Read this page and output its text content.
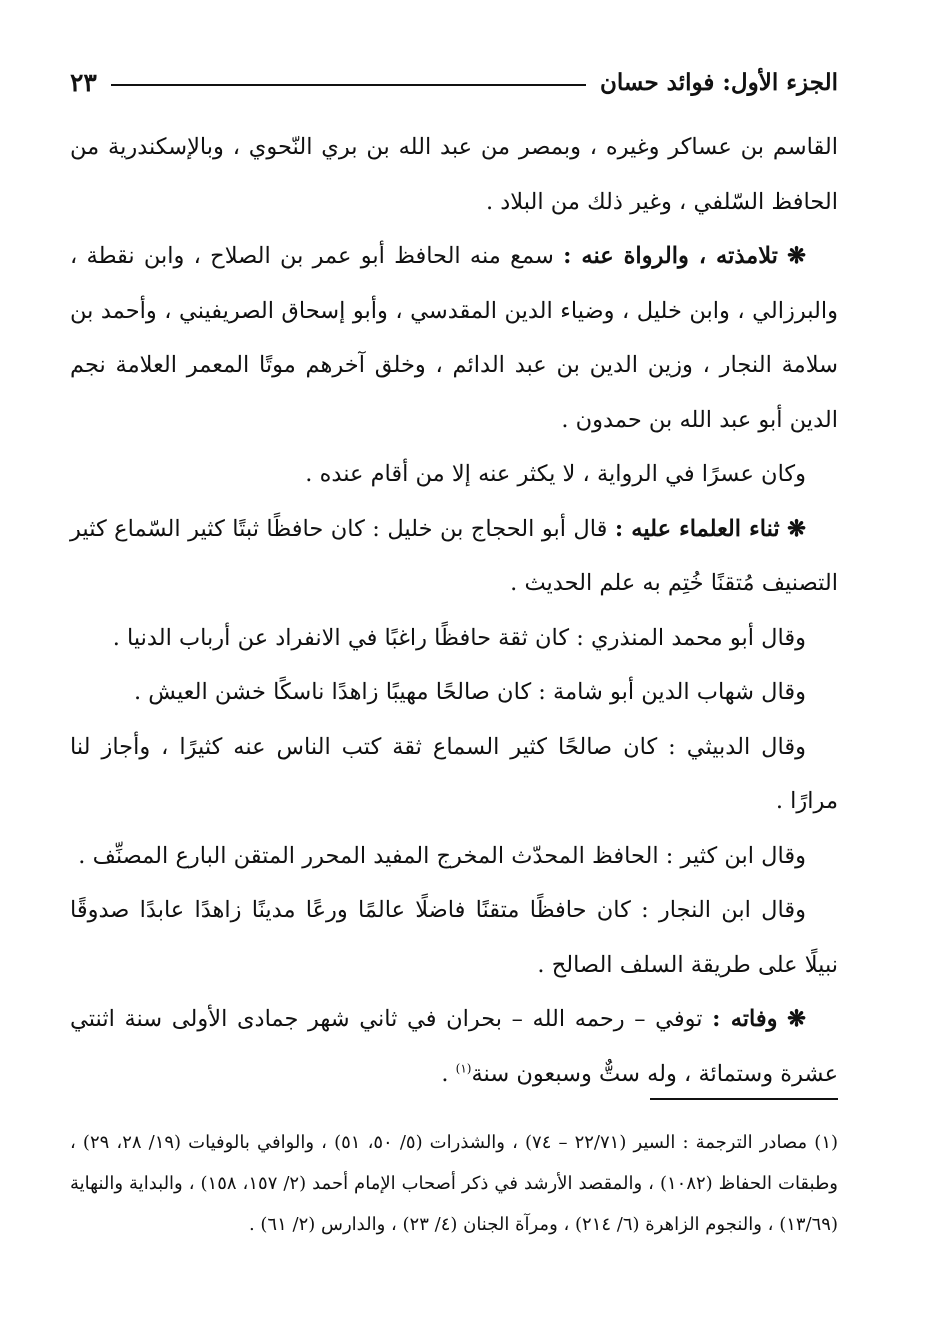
الجزء الأول: فوائد حسان
٢٣

القاسم بن عساكر وغيره ، وبمصر من عبد الله بن بري النّحوي ، وبالإسكندرية من الحافظ السّلفي ، وغير ذلك من البلاد .

❋ تلامذته ، والرواة عنه : سمع منه الحافظ أبو عمر بن الصلاح ، وابن نقطة ، والبرزالي ، وابن خليل ، وضياء الدين المقدسي ، وأبو إسحاق الصريفيني ، وأحمد بن سلامة النجار ، وزين الدين بن عبد الدائم ، وخلق آخرهم موتًا المعمر العلامة نجم الدين أبو عبد الله بن حمدون .

وكان عسرًا في الرواية ، لا يكثر عنه إلا من أقام عنده .

❋ ثناء العلماء عليه : قال أبو الحجاج بن خليل : كان حافظًا ثبتًا كثير السّماع كثير التصنيف مُتقنًا خُتِم به علم الحديث .

وقال أبو محمد المنذري : كان ثقة حافظًا راغبًا في الانفراد عن أرباب الدنيا .

وقال شهاب الدين أبو شامة : كان صالحًا مهيبًا زاهدًا ناسكًا خشن العيش .

وقال الدبيثي : كان صالحًا كثير السماع ثقة كتب الناس عنه كثيرًا ، وأجاز لنا مرارًا .

وقال ابن كثير : الحافظ المحدّث المخرج المفيد المحرر المتقن البارع المصنِّف .

وقال ابن النجار : كان حافظًا متقنًا فاضلًا عالمًا ورعًا مدينًا زاهدًا عابدًا صدوقًا نبيلًا على طريقة السلف الصالح .

❋ وفاته : توفي – رحمه الله – بحران في ثاني شهر جمادى الأولى سنة اثنتي عشرة وستمائة ، وله ستٌّ وسبعون سنة$^{(١)}$ .

(١) مصادر الترجمة : السير (٢٢/٧١ – ٧٤) ، والشذرات (٥/ ٥٠، ٥١) ، والوافي بالوفيات (١٩/ ٢٨، ٢٩) ، وطبقات الحفاظ (١٠٨٢) ، والمقصد الأرشد في ذكر أصحاب الإمام أحمد (٢/ ١٥٧، ١٥٨) ، والبداية والنهاية (١٣/٦٩) ، والنجوم الزاهرة (٦/ ٢١٤) ، ومرآة الجنان (٤/ ٢٣) ، والدارس (٢/ ٦١) .
